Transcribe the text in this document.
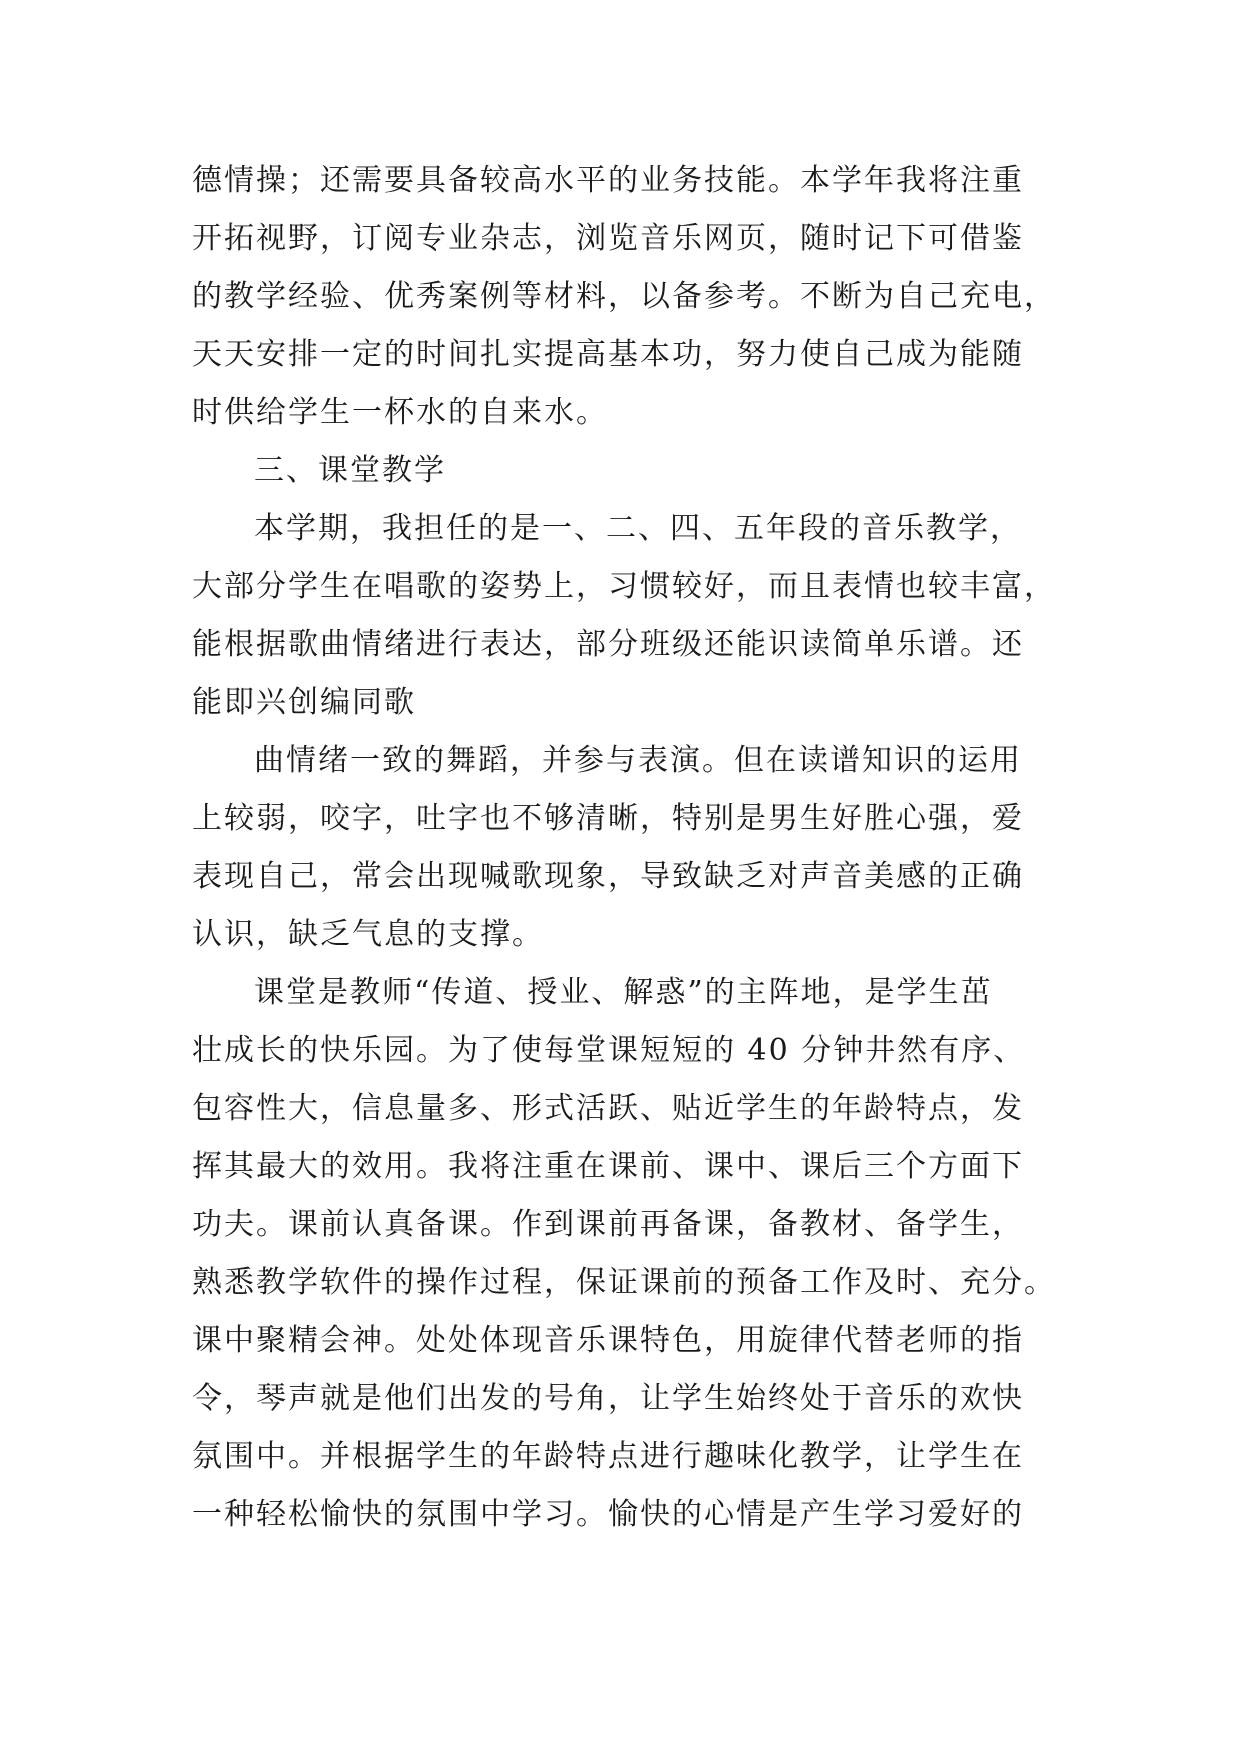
德情操；还需要具备较高水平的业务技能。本学年我将注重
开拓视野，订阅专业杂志，浏览音乐网页，随时记下可借鉴
的教学经验、优秀案例等材料，以备参考。不断为自己充电，
天天安排一定的时间扎实提高基本功，努力使自己成为能随
时供给学生一杯水的自来水。
三、课堂教学
本学期，我担任的是一、二、四、五年段的音乐教学，
大部分学生在唱歌的姿势上，习惯较好，而且表情也较丰富，
能根据歌曲情绪进行表达，部分班级还能识读简单乐谱。还
能即兴创编同歌
曲情绪一致的舞蹈，并参与表演。但在读谱知识的运用
上较弱，咬字，吐字也不够清晰，特别是男生好胜心强，爱
表现自己，常会出现喊歌现象，导致缺乏对声音美感的正确
认识，缺乏气息的支撑。
课堂是教师“传道、授业、解惑”的主阵地，是学生茁
壮成长的快乐园。为了使每堂课短短的 40 分钟井然有序、
包容性大，信息量多、形式活跃、贴近学生的年龄特点，发
挥其最大的效用。我将注重在课前、课中、课后三个方面下
功夫。课前认真备课。作到课前再备课，备教材、备学生，
熟悉教学软件的操作过程，保证课前的预备工作及时、充分。
课中聚精会神。处处体现音乐课特色，用旋律代替老师的指
令，琴声就是他们出发的号角，让学生始终处于音乐的欢快
氛围中。并根据学生的年龄特点进行趣味化教学，让学生在
一种轻松愉快的氛围中学习。愉快的心情是产生学习爱好的
